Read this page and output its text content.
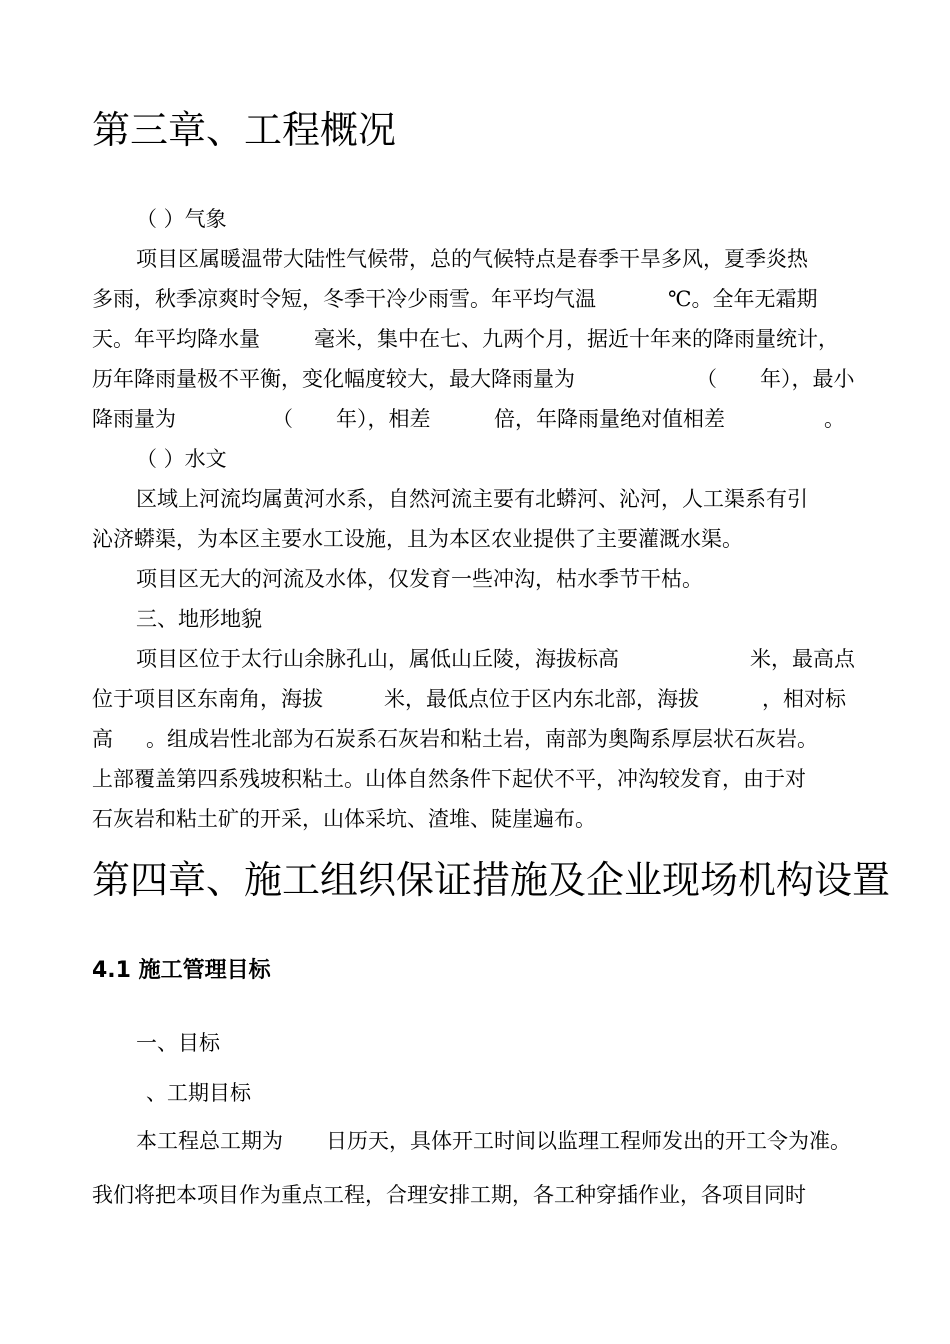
第三章、工程概况
（ ）气象
项目区属暖温带大陆性气候带，总的气候特点是春季干旱多风，夏季炎热
多雨，秋季凉爽时令短，冬季干冷少雨雪。年平均气温	℃。全年无霜期
天。年平均降水量	毫米，集中在七、九两个月，据近十年来的降雨量统计，
历年降雨量极不平衡，变化幅度较大，最大降雨量为	（ 年），最小
降雨量为	（ 年），相差	倍，年降雨量绝对值相差	。
（ ）水文
区域上河流均属黄河水系，自然河流主要有北蟒河、沁河，人工渠系有引
沁济蟒渠，为本区主要水工设施，且为本区农业提供了主要灌溉水渠。
项目区无大的河流及水体，仅发育一些冲沟，枯水季节干枯。
三、地形地貌
项目区位于太行山余脉孔山，属低山丘陵，海拔标高	米，最高点
位于项目区东南角，海拔	米，最低点位于区内东北部，海拔	，相对标
高 。组成岩性北部为石炭系石灰岩和粘土岩，南部为奥陶系厚层状石灰岩。
上部覆盖第四系残坡积粘土。山体自然条件下起伏不平，冲沟较发育，由于对
石灰岩和粘土矿的开采，山体采坑、渣堆、陡崖遍布。
第四章、施工组织保证措施及企业现场机构设置
4.1 施工管理目标
一、目标
、工期目标
本工程总工期为 日历天，具体开工时间以监理工程师发出的开工令为准。
我们将把本项目作为重点工程，合理安排工期，各工种穿插作业，各项目同时
